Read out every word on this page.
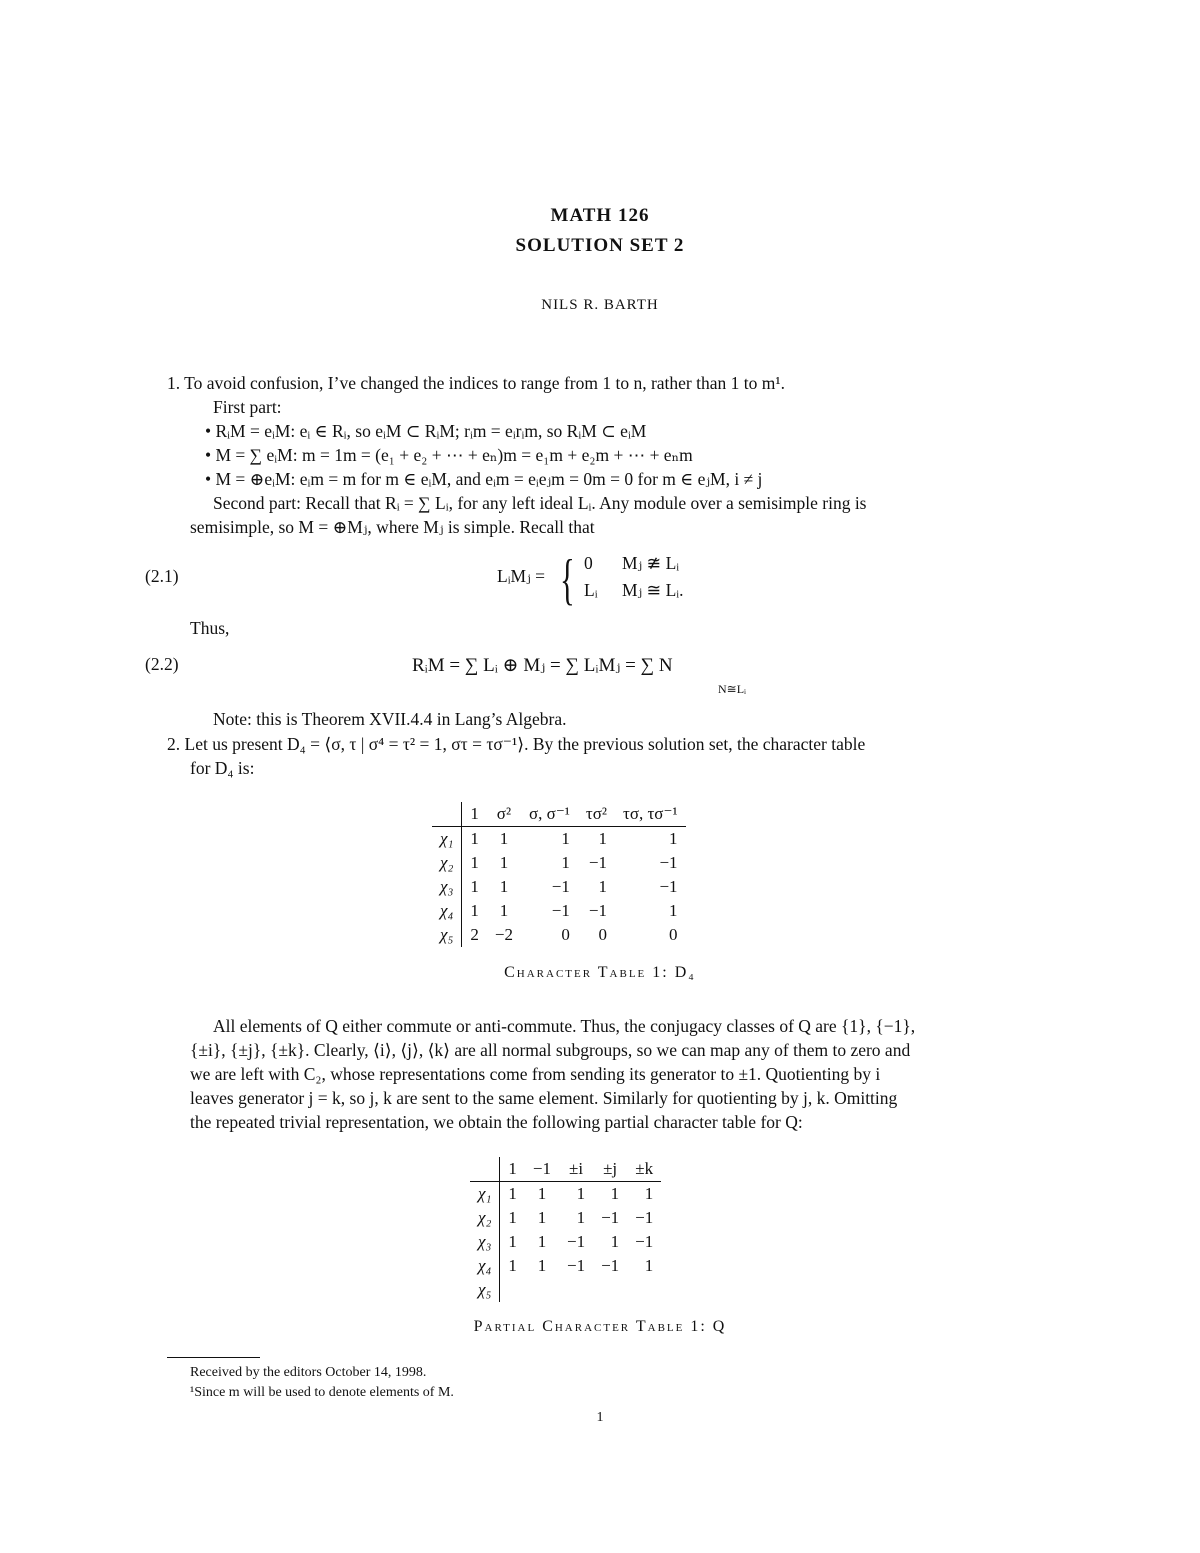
MATH 126
SOLUTION SET 2
NILS R. BARTH
1. To avoid confusion, I’ve changed the indices to range from 1 to n, rather than 1 to m¹.
First part:
• RᵢM = eᵢM: eᵢ ∈ Rᵢ, so eᵢM ⊂ RᵢM; rᵢm = eᵢrᵢm, so RᵢM ⊂ eᵢM
• M = ∑ eᵢM: m = 1m = (e₁ + e₂ + ⋯ + eₙ)m = e₁m + e₂m + ⋯ + eₙm
• M = ⊕eᵢM: eᵢm = m for m ∈ eᵢM, and eᵢm = eᵢeⱼm = 0m = 0 for m ∈ eⱼM, i ≠ j
Second part: Recall that Rᵢ = ∑ Lᵢ, for any left ideal Lᵢ. Any module over a semisimple ring is
semisimple, so M = ⊕Mⱼ, where Mⱼ is simple. Recall that
(2.1)	LᵢMⱼ = { 0 Mⱼ ≇ Lᵢ
Lᵢ Mⱼ ≅ Lᵢ.
Thus,
(2.2)	RᵢM = ∑ Lᵢ ⊕ Mⱼ = ∑ LᵢMⱼ = ∑ N
N≅Lᵢ
Note: this is Theorem XVII.4.4 in Lang’s Algebra.
2. Let us present D₄ = ⟨σ, τ | σ⁴ = τ² = 1, στ = τσ⁻¹⟩. By the previous solution set, the character table
for D₄ is:
	1	σ²	σ, σ⁻¹	τσ²	τσ, τσ⁻¹
χ₁	1	1	1	1	1
χ₂	1	1	1	−1	−1
χ₃	1	1	−1	1	−1
χ₄	1	1	−1	−1	1
χ₅	2	−2	0	0	0
Character Table 1: D₄
All elements of Q either commute or anti-commute. Thus, the conjugacy classes of Q are {1}, {−1},
{±i}, {±j}, {±k}. Clearly, ⟨i⟩, ⟨j⟩, ⟨k⟩ are all normal subgroups, so we can map any of them to zero and
we are left with C₂, whose representations come from sending its generator to ±1. Quotienting by i
leaves generator j = k, so j, k are sent to the same element. Similarly for quotienting by j, k. Omitting
the repeated trivial representation, we obtain the following partial character table for Q:
	1	−1	±i	±j	±k
χ₁	1	1	1	1	1
χ₂	1	1	1	−1	−1
χ₃	1	1	−1	1	−1
χ₄	1	1	−1	−1	1
χ₅					
Partial Character Table 1: Q
Received by the editors October 14, 1998.
¹Since m will be used to denote elements of M.
1
